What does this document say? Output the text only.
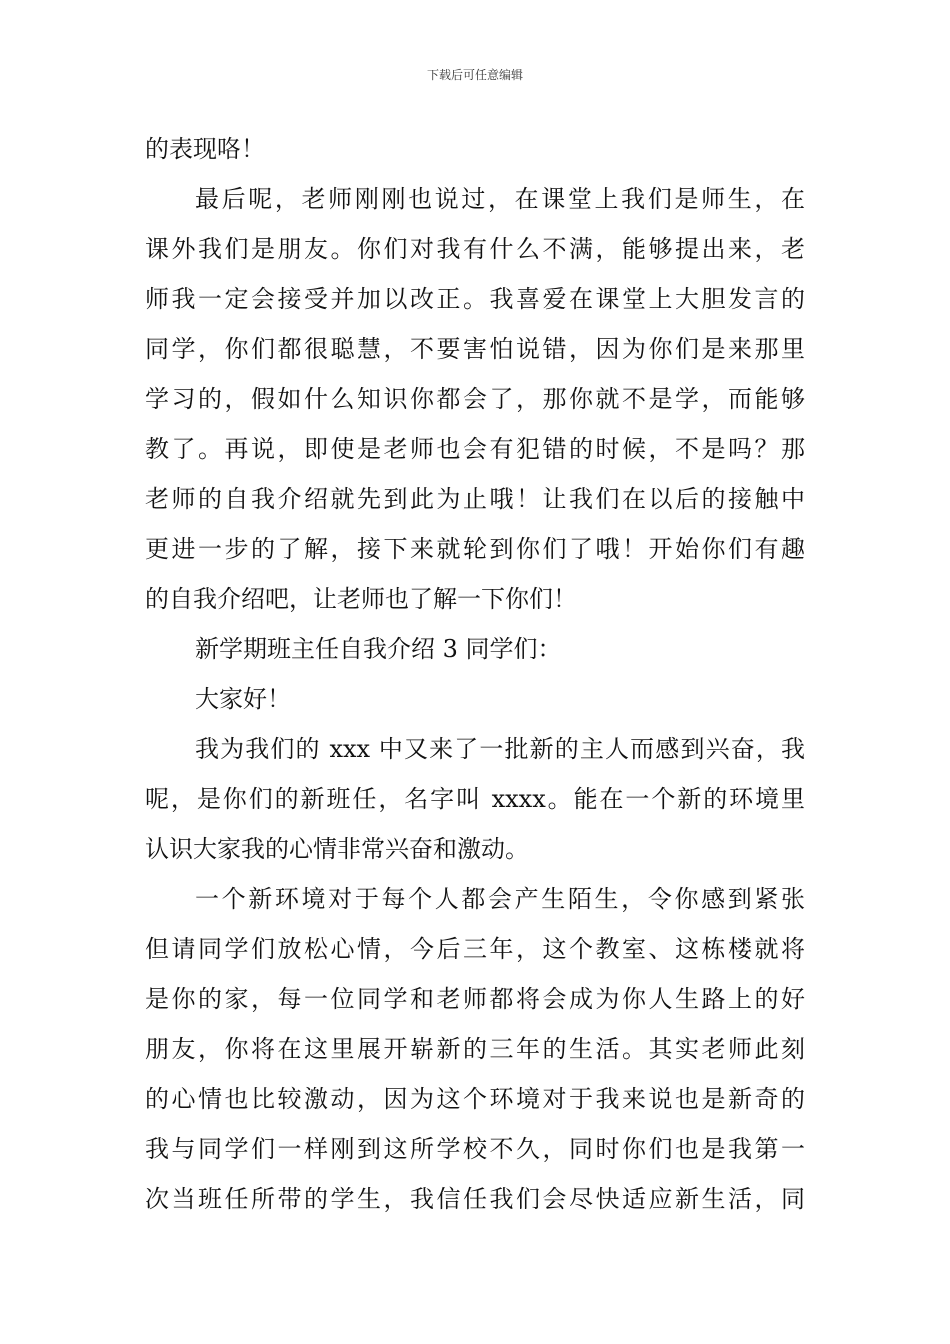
下载后可任意编辑
的表现咯！
最后呢，老师刚刚也说过，在课堂上我们是师生，在
课外我们是朋友。你们对我有什么不满，能够提出来，老
师我一定会接受并加以改正。我喜爱在课堂上大胆发言的
同学，你们都很聪慧，不要害怕说错，因为你们是来那里
学习的，假如什么知识你都会了，那你就不是学，而能够
教了。再说，即使是老师也会有犯错的时候，不是吗？那
老师的自我介绍就先到此为止哦！让我们在以后的接触中
更进一步的了解，接下来就轮到你们了哦！开始你们有趣
的自我介绍吧，让老师也了解一下你们！
新学期班主任自我介绍 3 同学们：
大家好！
我为我们的 xxx 中又来了一批新的主人而感到兴奋，我
呢，是你们的新班任，名字叫 xxxx。能在一个新的环境里
认识大家我的心情非常兴奋和激动。
一个新环境对于每个人都会产生陌生，令你感到紧张
但请同学们放松心情，今后三年，这个教室、这栋楼就将
是你的家，每一位同学和老师都将会成为你人生路上的好
朋友，你将在这里展开崭新的三年的生活。其实老师此刻
的心情也比较激动，因为这个环境对于我来说也是新奇的
我与同学们一样刚到这所学校不久，同时你们也是我第一
次当班任所带的学生，我信任我们会尽快适应新生活，同
